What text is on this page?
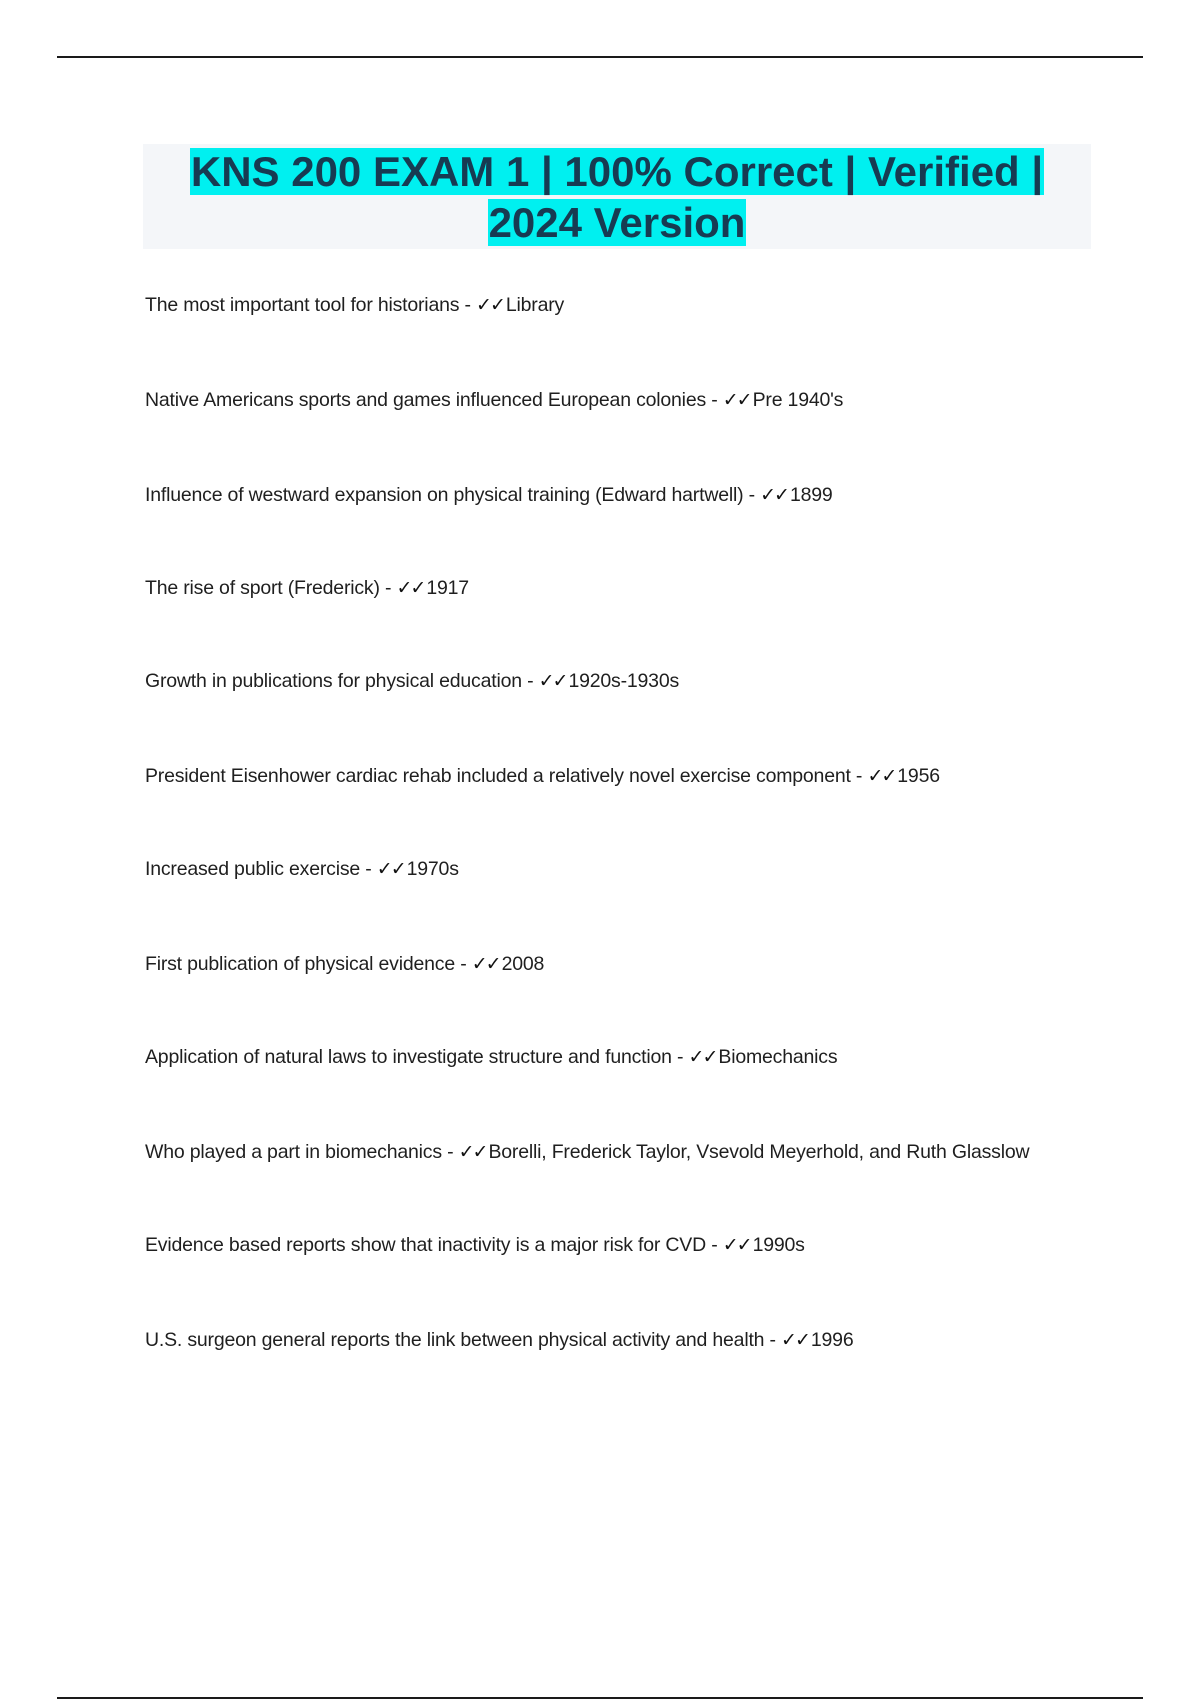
KNS 200 EXAM 1 | 100% Correct | Verified |
2024 Version
The most important tool for historians - ✓✓ Library
Native Americans sports and games influenced European colonies - ✓✓ Pre 1940's
Influence of westward expansion on physical training (Edward hartwell) - ✓✓ 1899
The rise of sport (Frederick) - ✓✓ 1917
Growth in publications for physical education - ✓✓ 1920s-1930s
President Eisenhower cardiac rehab included a relatively novel exercise component - ✓✓ 1956
Increased public exercise - ✓✓ 1970s
First publication of physical evidence - ✓✓ 2008
Application of natural laws to investigate structure and function - ✓✓ Biomechanics
Who played a part in biomechanics - ✓✓ Borelli, Frederick Taylor, Vsevold Meyerhold, and Ruth Glasslow
Evidence based reports show that inactivity is a major risk for CVD - ✓✓ 1990s
U.S. surgeon general reports the link between physical activity and health - ✓✓ 1996
